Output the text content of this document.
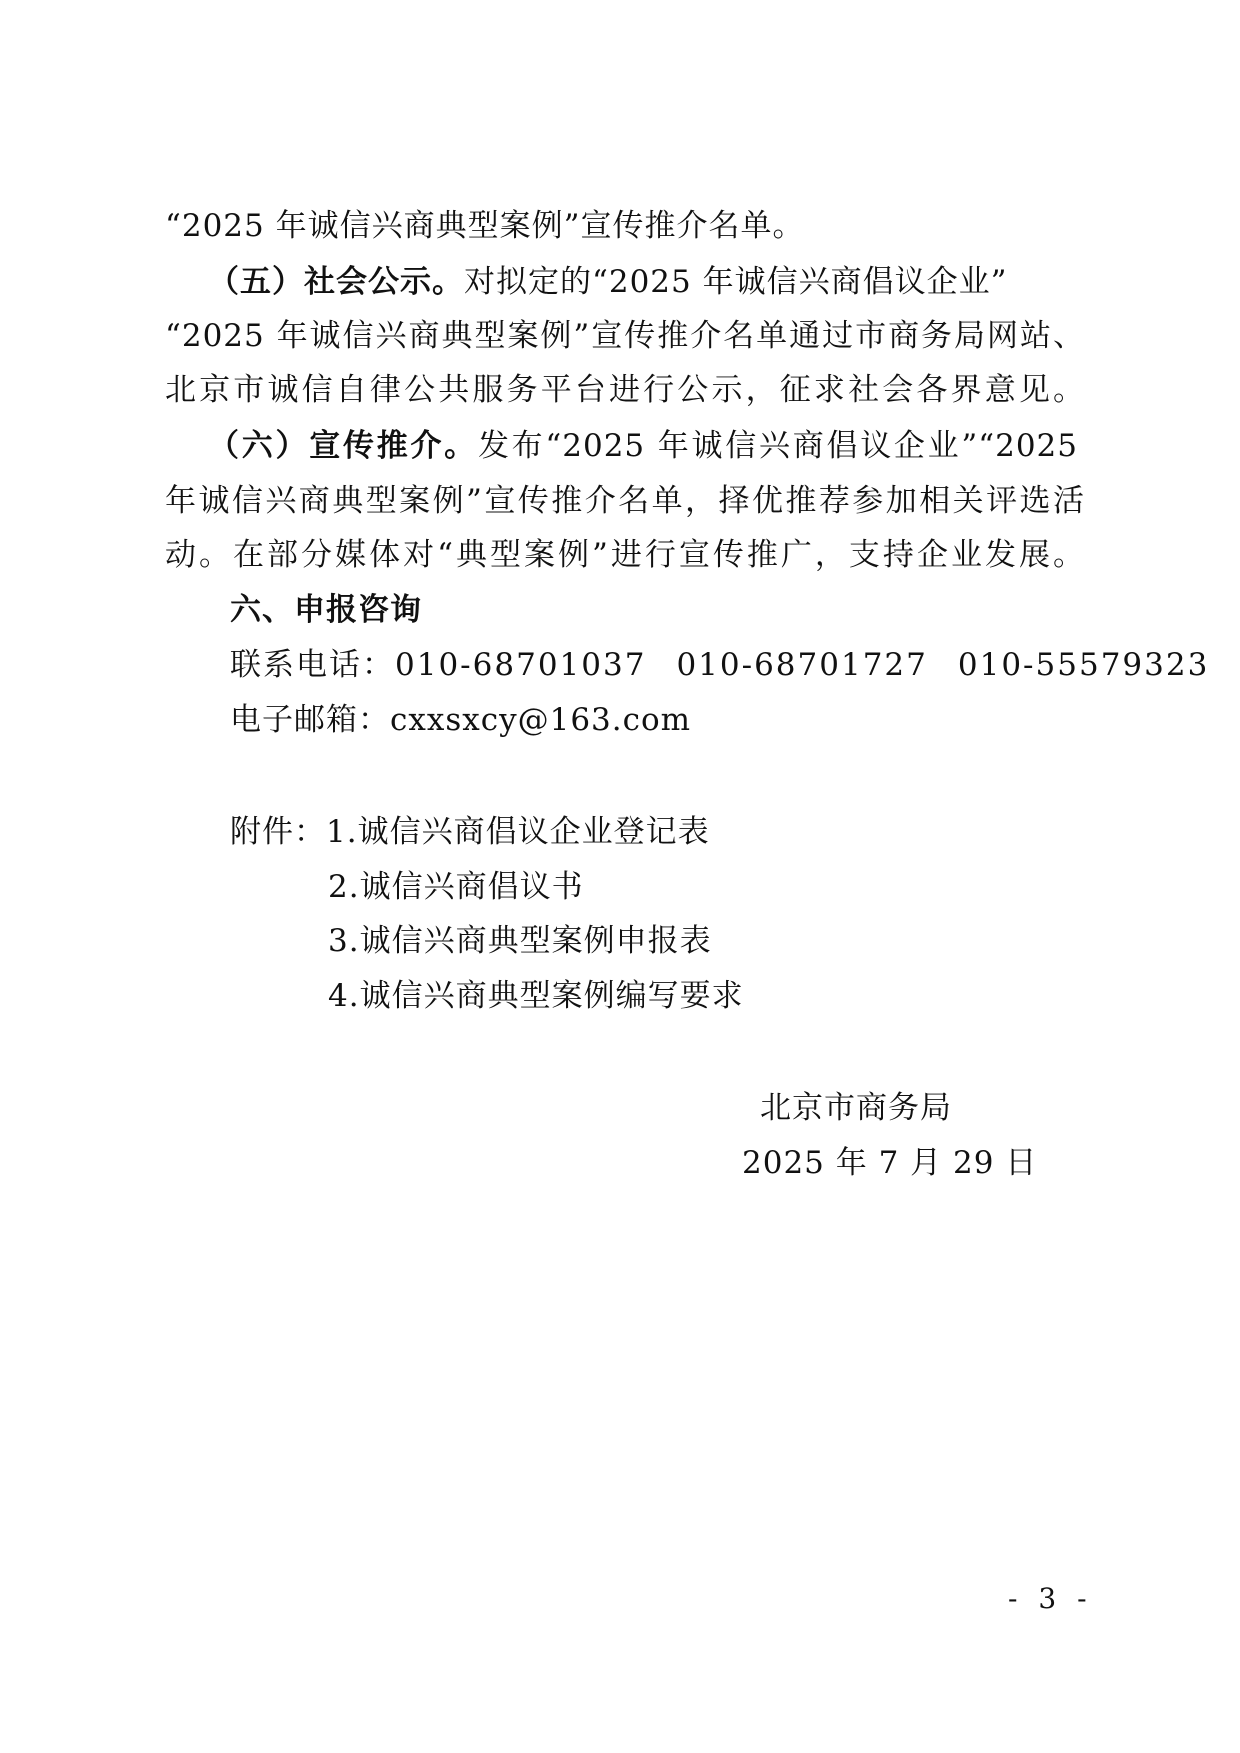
“2025 年诚信兴商典型案例”宣传推介名单。
（五）社会公示。对拟定的“2025 年诚信兴商倡议企业”
“2025 年诚信兴商典型案例”宣传推介名单通过市商务局网站、
北京市诚信自律公共服务平台进行公示，征求社会各界意见。
（六）宣传推介。发布“2025 年诚信兴商倡议企业”“2025
年诚信兴商典型案例”宣传推介名单，择优推荐参加相关评选活
动。在部分媒体对“典型案例”进行宣传推广，支持企业发展。
六、申报咨询
联系电话：010-68701037 010-68701727 010-55579323
电子邮箱：cxxsxcy@163.com
附件：1.诚信兴商倡议企业登记表
2.诚信兴商倡议书
3.诚信兴商典型案例申报表
4.诚信兴商典型案例编写要求
北京市商务局
2025 年 7 月 29 日
- 3 -
